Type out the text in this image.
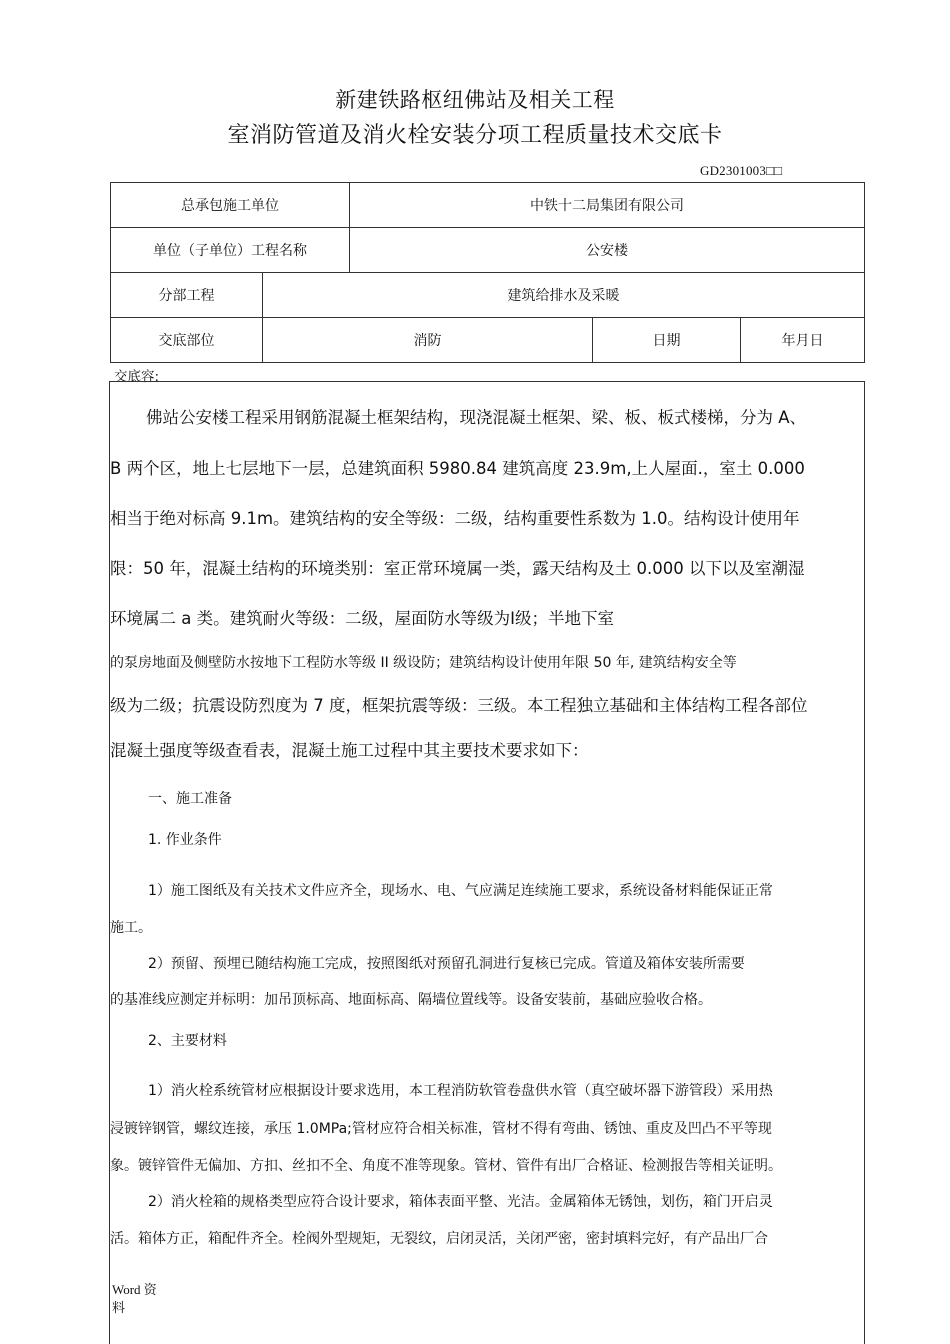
新建铁路枢纽佛站及相关工程
室消防管道及消火栓安装分项工程质量技术交底卡
GD2301003□□
总承包施工单位		中铁十二局集团有限公司		
单位（子单位）工程名称		公安楼		
分部工程	建筑给排水及采暖			
交底部位	消防		日期	年月日
交底容:
佛站公安楼工程采用钢筋混凝土框架结构，现浇混凝土框架、梁、板、板式楼梯，分为 A、
B 两个区，地上七层地下一层，总建筑面积 5980.84 建筑高度 23.9m,上人屋面.，室土 0.000
相当于绝对标高 9.1m。建筑结构的安全等级：二级，结构重要性系数为 1.0。结构设计使用年
限：50 年，混凝土结构的环境类别：室正常环境属一类，露天结构及土 0.000 以下以及室潮湿
环境属二 a 类。建筑耐火等级：二级，屋面防水等级为Ⅰ级；半地下室
的泵房地面及侧壁防水按地下工程防水等级 II 级设防；建筑结构设计使用年限 50 年, 建筑结构安全等
级为二级；抗震设防烈度为 7 度，框架抗震等级：三级。本工程独立基础和主体结构工程各部位
混凝土强度等级查看表，混凝土施工过程中其主要技术要求如下：
一、施工准备
1. 作业条件
1）施工图纸及有关技术文件应齐全，现场水、电、气应满足连续施工要求，系统设备材料能保证正常
施工。
2）预留、预埋已随结构施工完成，按照图纸对预留孔洞进行复核已完成。管道及箱体安装所需要
的基准线应测定并标明：加吊顶标高、地面标高、隔墙位置线等。设备安装前，基础应验收合格。
2、主要材料
1）消火栓系统管材应根据设计要求选用，本工程消防软管卷盘供水管（真空破坏器下游管段）采用热
浸镀锌钢管，螺纹连接，承压 1.0MPa;管材应符合相关标准，管材不得有弯曲、锈蚀、重皮及凹凸不平等现
象。镀锌管件无偏加、方扣、丝扣不全、角度不准等现象。管材、管件有出厂合格证、检测报告等相关证明。
2）消火栓箱的规格类型应符合设计要求，箱体表面平整、光洁。金属箱体无锈蚀，划伤，箱门开启灵
活。箱体方正，箱配件齐全。栓阀外型规矩，无裂纹，启闭灵活，关闭严密，密封填料完好，有产品出厂合
Word 资
料
